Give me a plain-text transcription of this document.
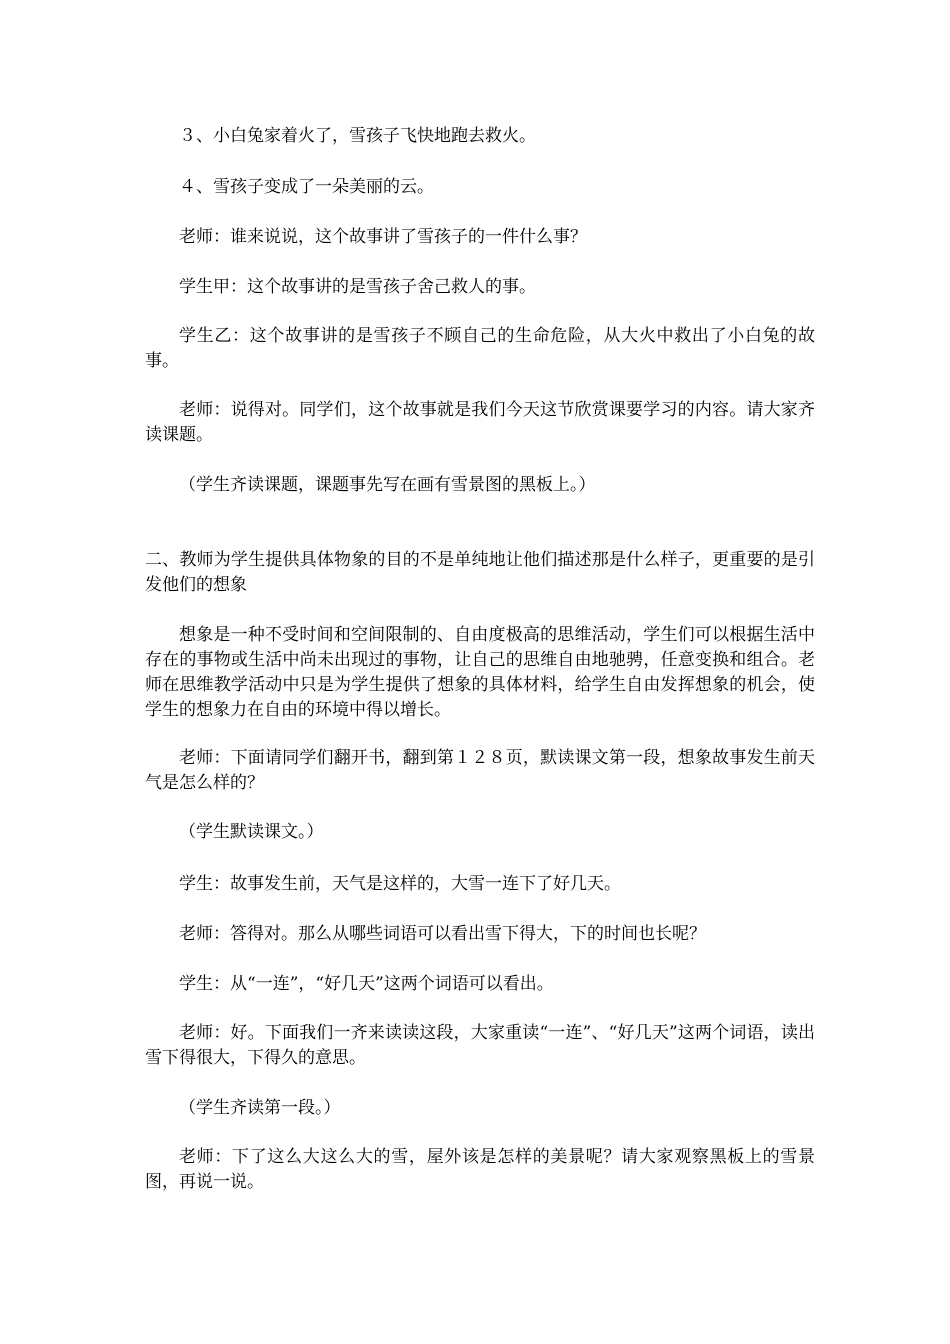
３、小白兔家着火了，雪孩子飞快地跑去救火。

４、雪孩子变成了一朵美丽的云。

老师：谁来说说，这个故事讲了雪孩子的一件什么事？

学生甲：这个故事讲的是雪孩子舍己救人的事。

学生乙：这个故事讲的是雪孩子不顾自己的生命危险，从大火中救出了小白兔的故事。

老师：说得对。同学们，这个故事就是我们今天这节欣赏课要学习的内容。请大家齐读课题。

（学生齐读课题，课题事先写在画有雪景图的黑板上。）

二、教师为学生提供具体物象的目的不是单纯地让他们描述那是什么样子，更重要的是引发他们的想象

想象是一种不受时间和空间限制的、自由度极高的思维活动，学生们可以根据生活中存在的事物或生活中尚未出现过的事物，让自己的思维自由地驰骋，任意变换和组合。老师在思维教学活动中只是为学生提供了想象的具体材料，给学生自由发挥想象的机会，使学生的想象力在自由的环境中得以增长。

老师：下面请同学们翻开书，翻到第１２８页，默读课文第一段，想象故事发生前天气是怎么样的？

（学生默读课文。）

学生：故事发生前，天气是这样的，大雪一连下了好几天。

老师：答得对。那么从哪些词语可以看出雪下得大，下的时间也长呢？

学生：从“一连”，“好几天”这两个词语可以看出。

老师：好。下面我们一齐来读读这段，大家重读“一连”、“好几天”这两个词语，读出雪下得很大，下得久的意思。

（学生齐读第一段。）

老师：下了这么大这么大的雪，屋外该是怎样的美景呢？请大家观察黑板上的雪景图，再说一说。
